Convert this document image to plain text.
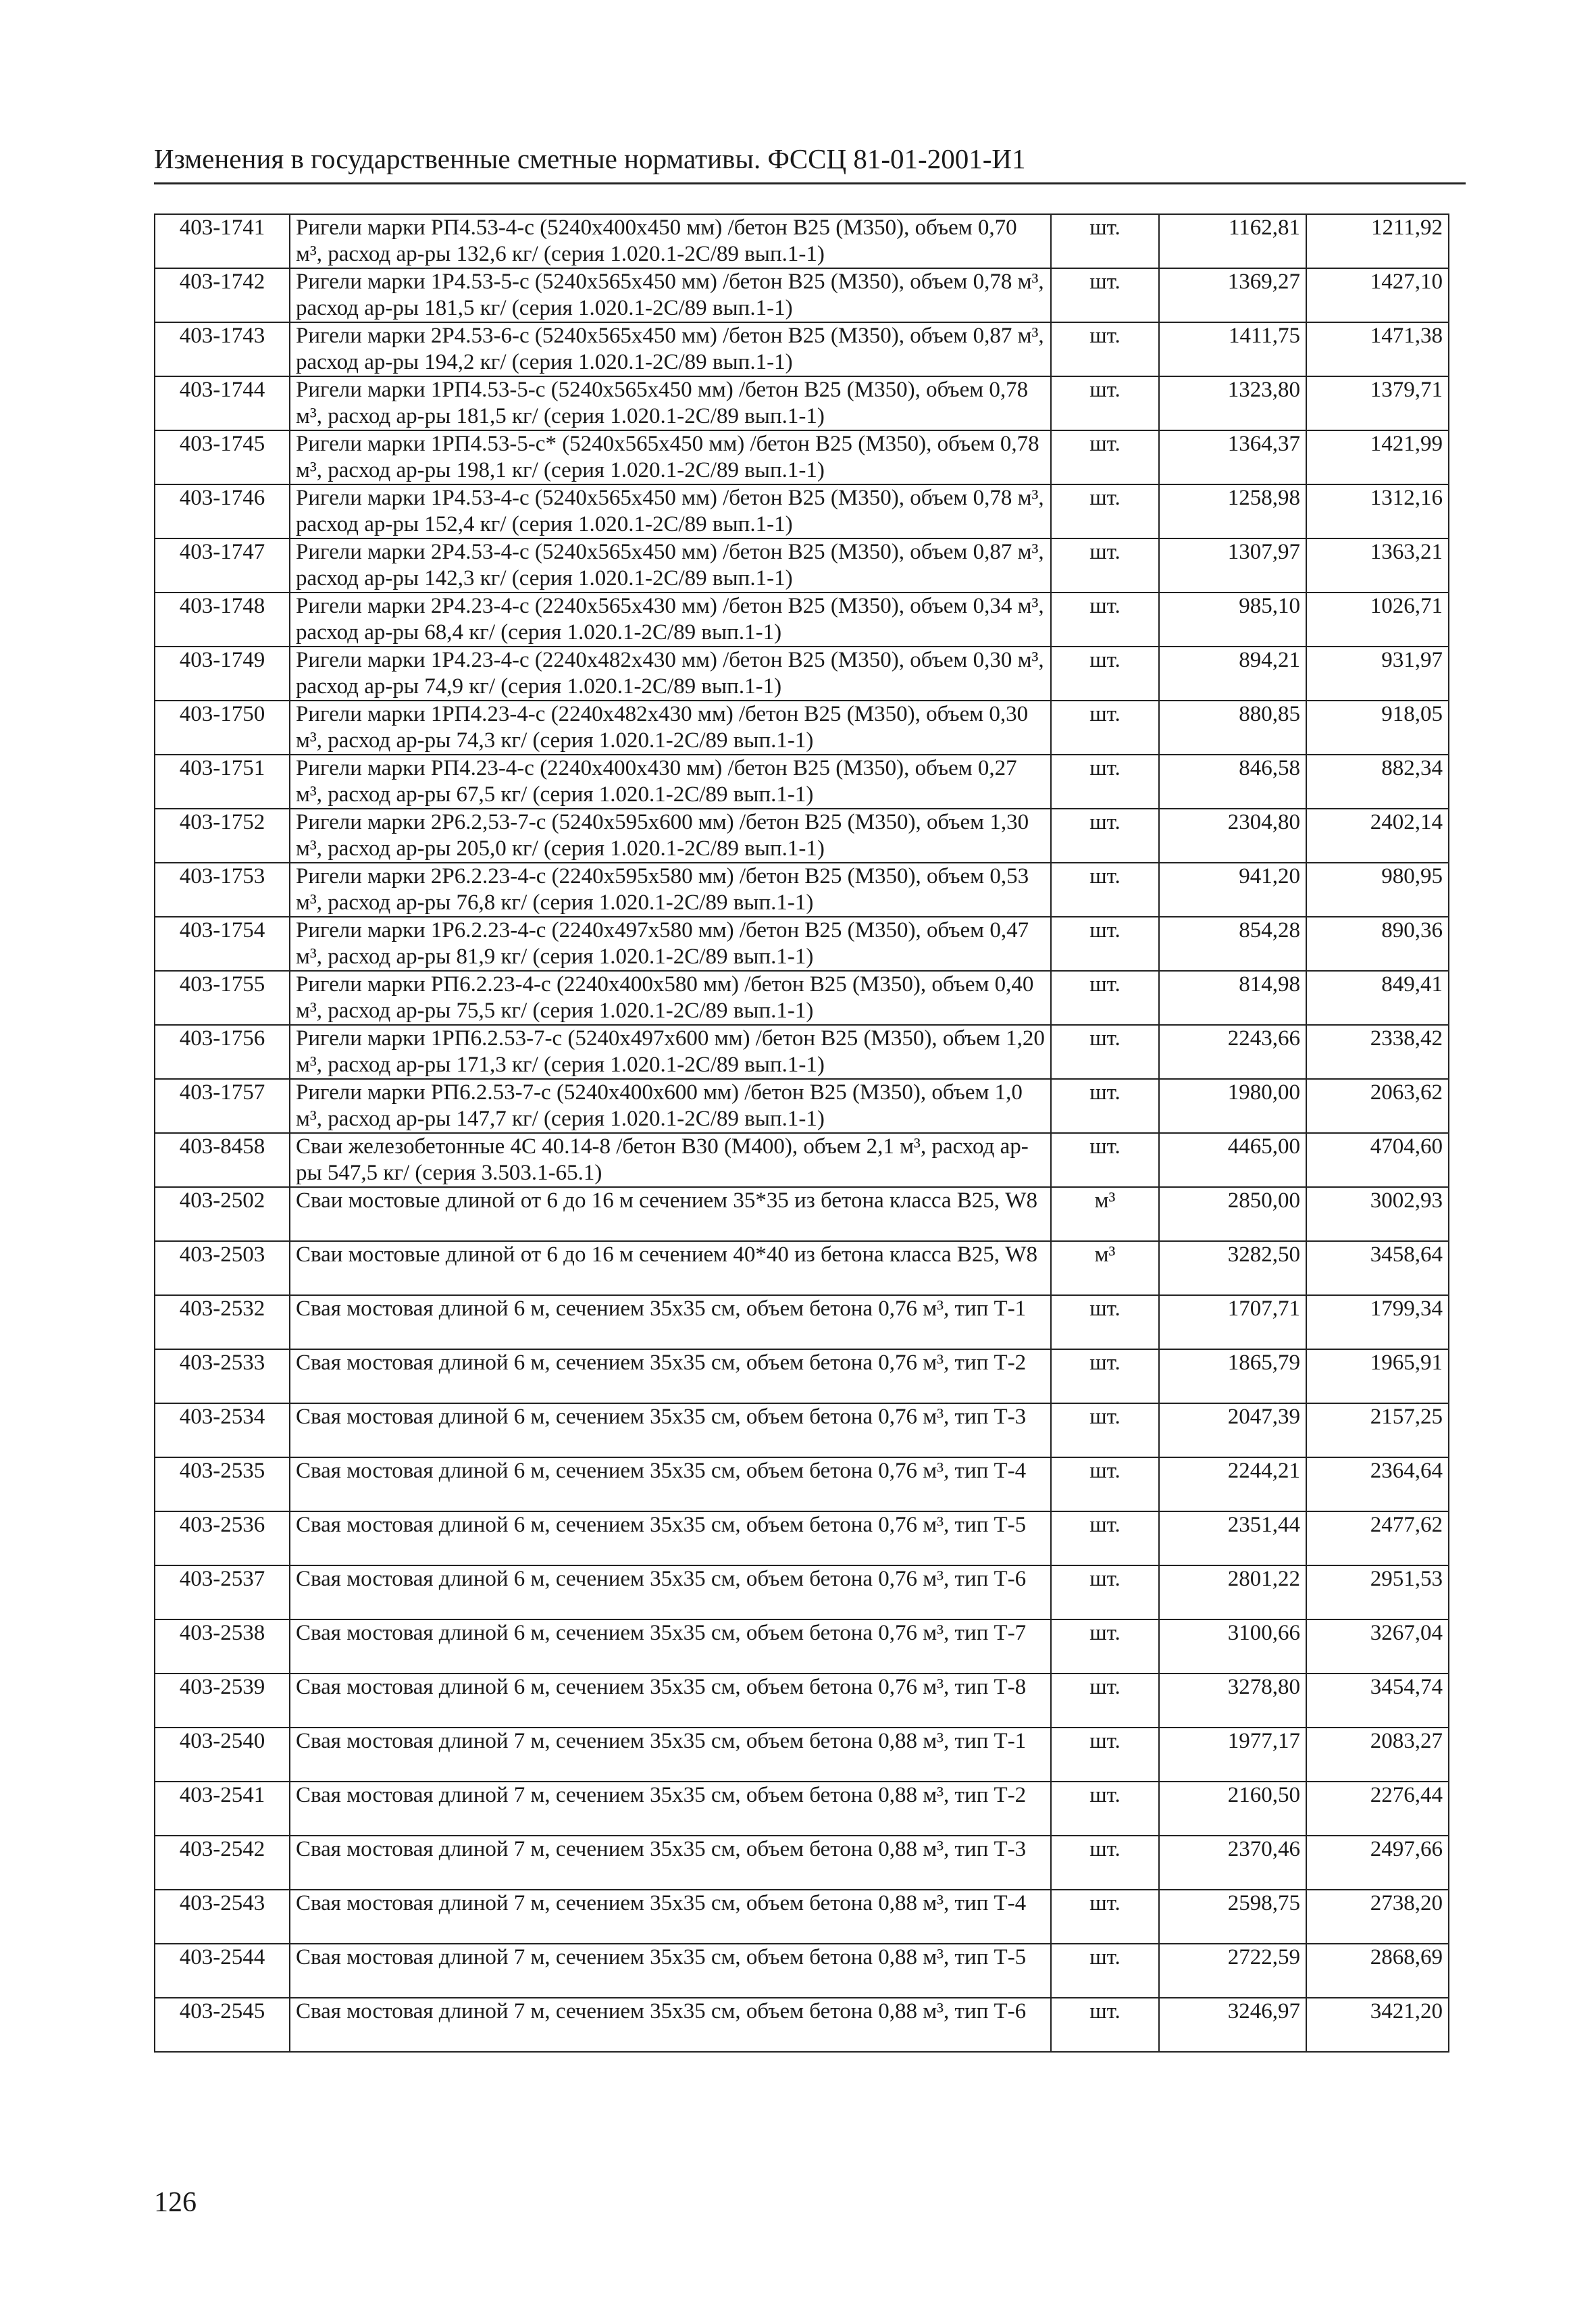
Изменения в государственные сметные нормативы. ФССЦ 81-01-2001-И1
403-1741	Ригели марки РП4.53-4-с (5240x400x450 мм) /бетон В25 (М350), объем 0,70 м³, расход ар-ры 132,6 кг/ (серия 1.020.1-2С/89 вып.1-1)	шт.	1162,81	1211,92
403-1742	Ригели марки 1Р4.53-5-с (5240x565x450 мм) /бетон В25 (М350), объем 0,78 м³, расход ар-ры 181,5 кг/ (серия 1.020.1-2С/89 вып.1-1)	шт.	1369,27	1427,10
403-1743	Ригели марки 2Р4.53-6-с (5240x565x450 мм) /бетон В25 (М350), объем 0,87 м³, расход ар-ры 194,2 кг/ (серия 1.020.1-2С/89 вып.1-1)	шт.	1411,75	1471,38
403-1744	Ригели марки 1РП4.53-5-с (5240x565x450 мм) /бетон В25 (М350), объем 0,78 м³, расход ар-ры 181,5 кг/ (серия 1.020.1-2С/89 вып.1-1)	шт.	1323,80	1379,71
403-1745	Ригели марки 1РП4.53-5-с* (5240x565x450 мм) /бетон В25 (М350), объем 0,78 м³, расход ар-ры 198,1 кг/ (серия 1.020.1-2С/89 вып.1-1)	шт.	1364,37	1421,99
403-1746	Ригели марки 1Р4.53-4-с (5240x565x450 мм) /бетон В25 (М350), объем 0,78 м³, расход ар-ры 152,4 кг/ (серия 1.020.1-2С/89 вып.1-1)	шт.	1258,98	1312,16
403-1747	Ригели марки 2Р4.53-4-с (5240x565x450 мм) /бетон В25 (М350), объем 0,87 м³, расход ар-ры 142,3 кг/ (серия 1.020.1-2С/89 вып.1-1)	шт.	1307,97	1363,21
403-1748	Ригели марки 2Р4.23-4-с (2240x565x430 мм) /бетон В25 (М350), объем 0,34 м³, расход ар-ры 68,4 кг/ (серия 1.020.1-2С/89 вып.1-1)	шт.	985,10	1026,71
403-1749	Ригели марки 1Р4.23-4-с (2240x482x430 мм) /бетон В25 (М350), объем 0,30 м³, расход ар-ры 74,9 кг/ (серия 1.020.1-2С/89 вып.1-1)	шт.	894,21	931,97
403-1750	Ригели марки 1РП4.23-4-с (2240x482x430 мм) /бетон В25 (М350), объем 0,30 м³, расход ар-ры 74,3 кг/ (серия 1.020.1-2С/89 вып.1-1)	шт.	880,85	918,05
403-1751	Ригели марки РП4.23-4-с (2240x400x430 мм) /бетон В25 (М350), объем 0,27 м³, расход ар-ры 67,5 кг/ (серия 1.020.1-2С/89 вып.1-1)	шт.	846,58	882,34
403-1752	Ригели марки 2Р6.2,53-7-с (5240x595x600 мм) /бетон В25 (М350), объем 1,30 м³, расход ар-ры 205,0 кг/ (серия 1.020.1-2С/89 вып.1-1)	шт.	2304,80	2402,14
403-1753	Ригели марки 2Р6.2.23-4-с (2240x595x580 мм) /бетон В25 (М350), объем 0,53 м³, расход ар-ры 76,8 кг/ (серия 1.020.1-2С/89 вып.1-1)	шт.	941,20	980,95
403-1754	Ригели марки 1Р6.2.23-4-с (2240x497x580 мм) /бетон В25 (М350), объем 0,47 м³, расход ар-ры 81,9 кг/ (серия 1.020.1-2С/89 вып.1-1)	шт.	854,28	890,36
403-1755	Ригели марки РП6.2.23-4-с (2240x400x580 мм) /бетон В25 (М350), объем 0,40 м³, расход ар-ры 75,5 кг/ (серия 1.020.1-2С/89 вып.1-1)	шт.	814,98	849,41
403-1756	Ригели марки 1РП6.2.53-7-с (5240x497x600 мм) /бетон В25 (М350), объем 1,20 м³, расход ар-ры 171,3 кг/ (серия 1.020.1-2С/89 вып.1-1)	шт.	2243,66	2338,42
403-1757	Ригели марки РП6.2.53-7-с (5240x400x600 мм) /бетон В25 (М350), объем 1,0 м³, расход ар-ры 147,7 кг/ (серия 1.020.1-2С/89 вып.1-1)	шт.	1980,00	2063,62
403-8458	Сваи железобетонные 4С 40.14-8 /бетон В30 (М400), объем 2,1 м³, расход ар-ры 547,5 кг/ (серия 3.503.1-65.1)	шт.	4465,00	4704,60
403-2502	Сваи мостовые длиной от 6 до 16 м сечением 35*35 из бетона класса В25, W8	м³	2850,00	3002,93
403-2503	Сваи мостовые длиной от 6 до 16 м сечением 40*40 из бетона класса В25, W8	м³	3282,50	3458,64
403-2532	Свая мостовая длиной 6 м, сечением 35x35 см, объем бетона 0,76 м³, тип Т-1	шт.	1707,71	1799,34
403-2533	Свая мостовая длиной 6 м, сечением 35x35 см, объем бетона 0,76 м³, тип Т-2	шт.	1865,79	1965,91
403-2534	Свая мостовая длиной 6 м, сечением 35x35 см, объем бетона 0,76 м³, тип Т-3	шт.	2047,39	2157,25
403-2535	Свая мостовая длиной 6 м, сечением 35x35 см, объем бетона 0,76 м³, тип Т-4	шт.	2244,21	2364,64
403-2536	Свая мостовая длиной 6 м, сечением 35x35 см, объем бетона 0,76 м³, тип Т-5	шт.	2351,44	2477,62
403-2537	Свая мостовая длиной 6 м, сечением 35x35 см, объем бетона 0,76 м³, тип Т-6	шт.	2801,22	2951,53
403-2538	Свая мостовая длиной 6 м, сечением 35x35 см, объем бетона 0,76 м³, тип Т-7	шт.	3100,66	3267,04
403-2539	Свая мостовая длиной 6 м, сечением 35x35 см, объем бетона 0,76 м³, тип Т-8	шт.	3278,80	3454,74
403-2540	Свая мостовая длиной 7 м, сечением 35x35 см, объем бетона 0,88 м³, тип Т-1	шт.	1977,17	2083,27
403-2541	Свая мостовая длиной 7 м, сечением 35x35 см, объем бетона 0,88 м³, тип Т-2	шт.	2160,50	2276,44
403-2542	Свая мостовая длиной 7 м, сечением 35x35 см, объем бетона 0,88 м³, тип Т-3	шт.	2370,46	2497,66
403-2543	Свая мостовая длиной 7 м, сечением 35x35 см, объем бетона 0,88 м³, тип Т-4	шт.	2598,75	2738,20
403-2544	Свая мостовая длиной 7 м, сечением 35x35 см, объем бетона 0,88 м³, тип Т-5	шт.	2722,59	2868,69
403-2545	Свая мостовая длиной 7 м, сечением 35x35 см, объем бетона 0,88 м³, тип Т-6	шт.	3246,97	3421,20
126
